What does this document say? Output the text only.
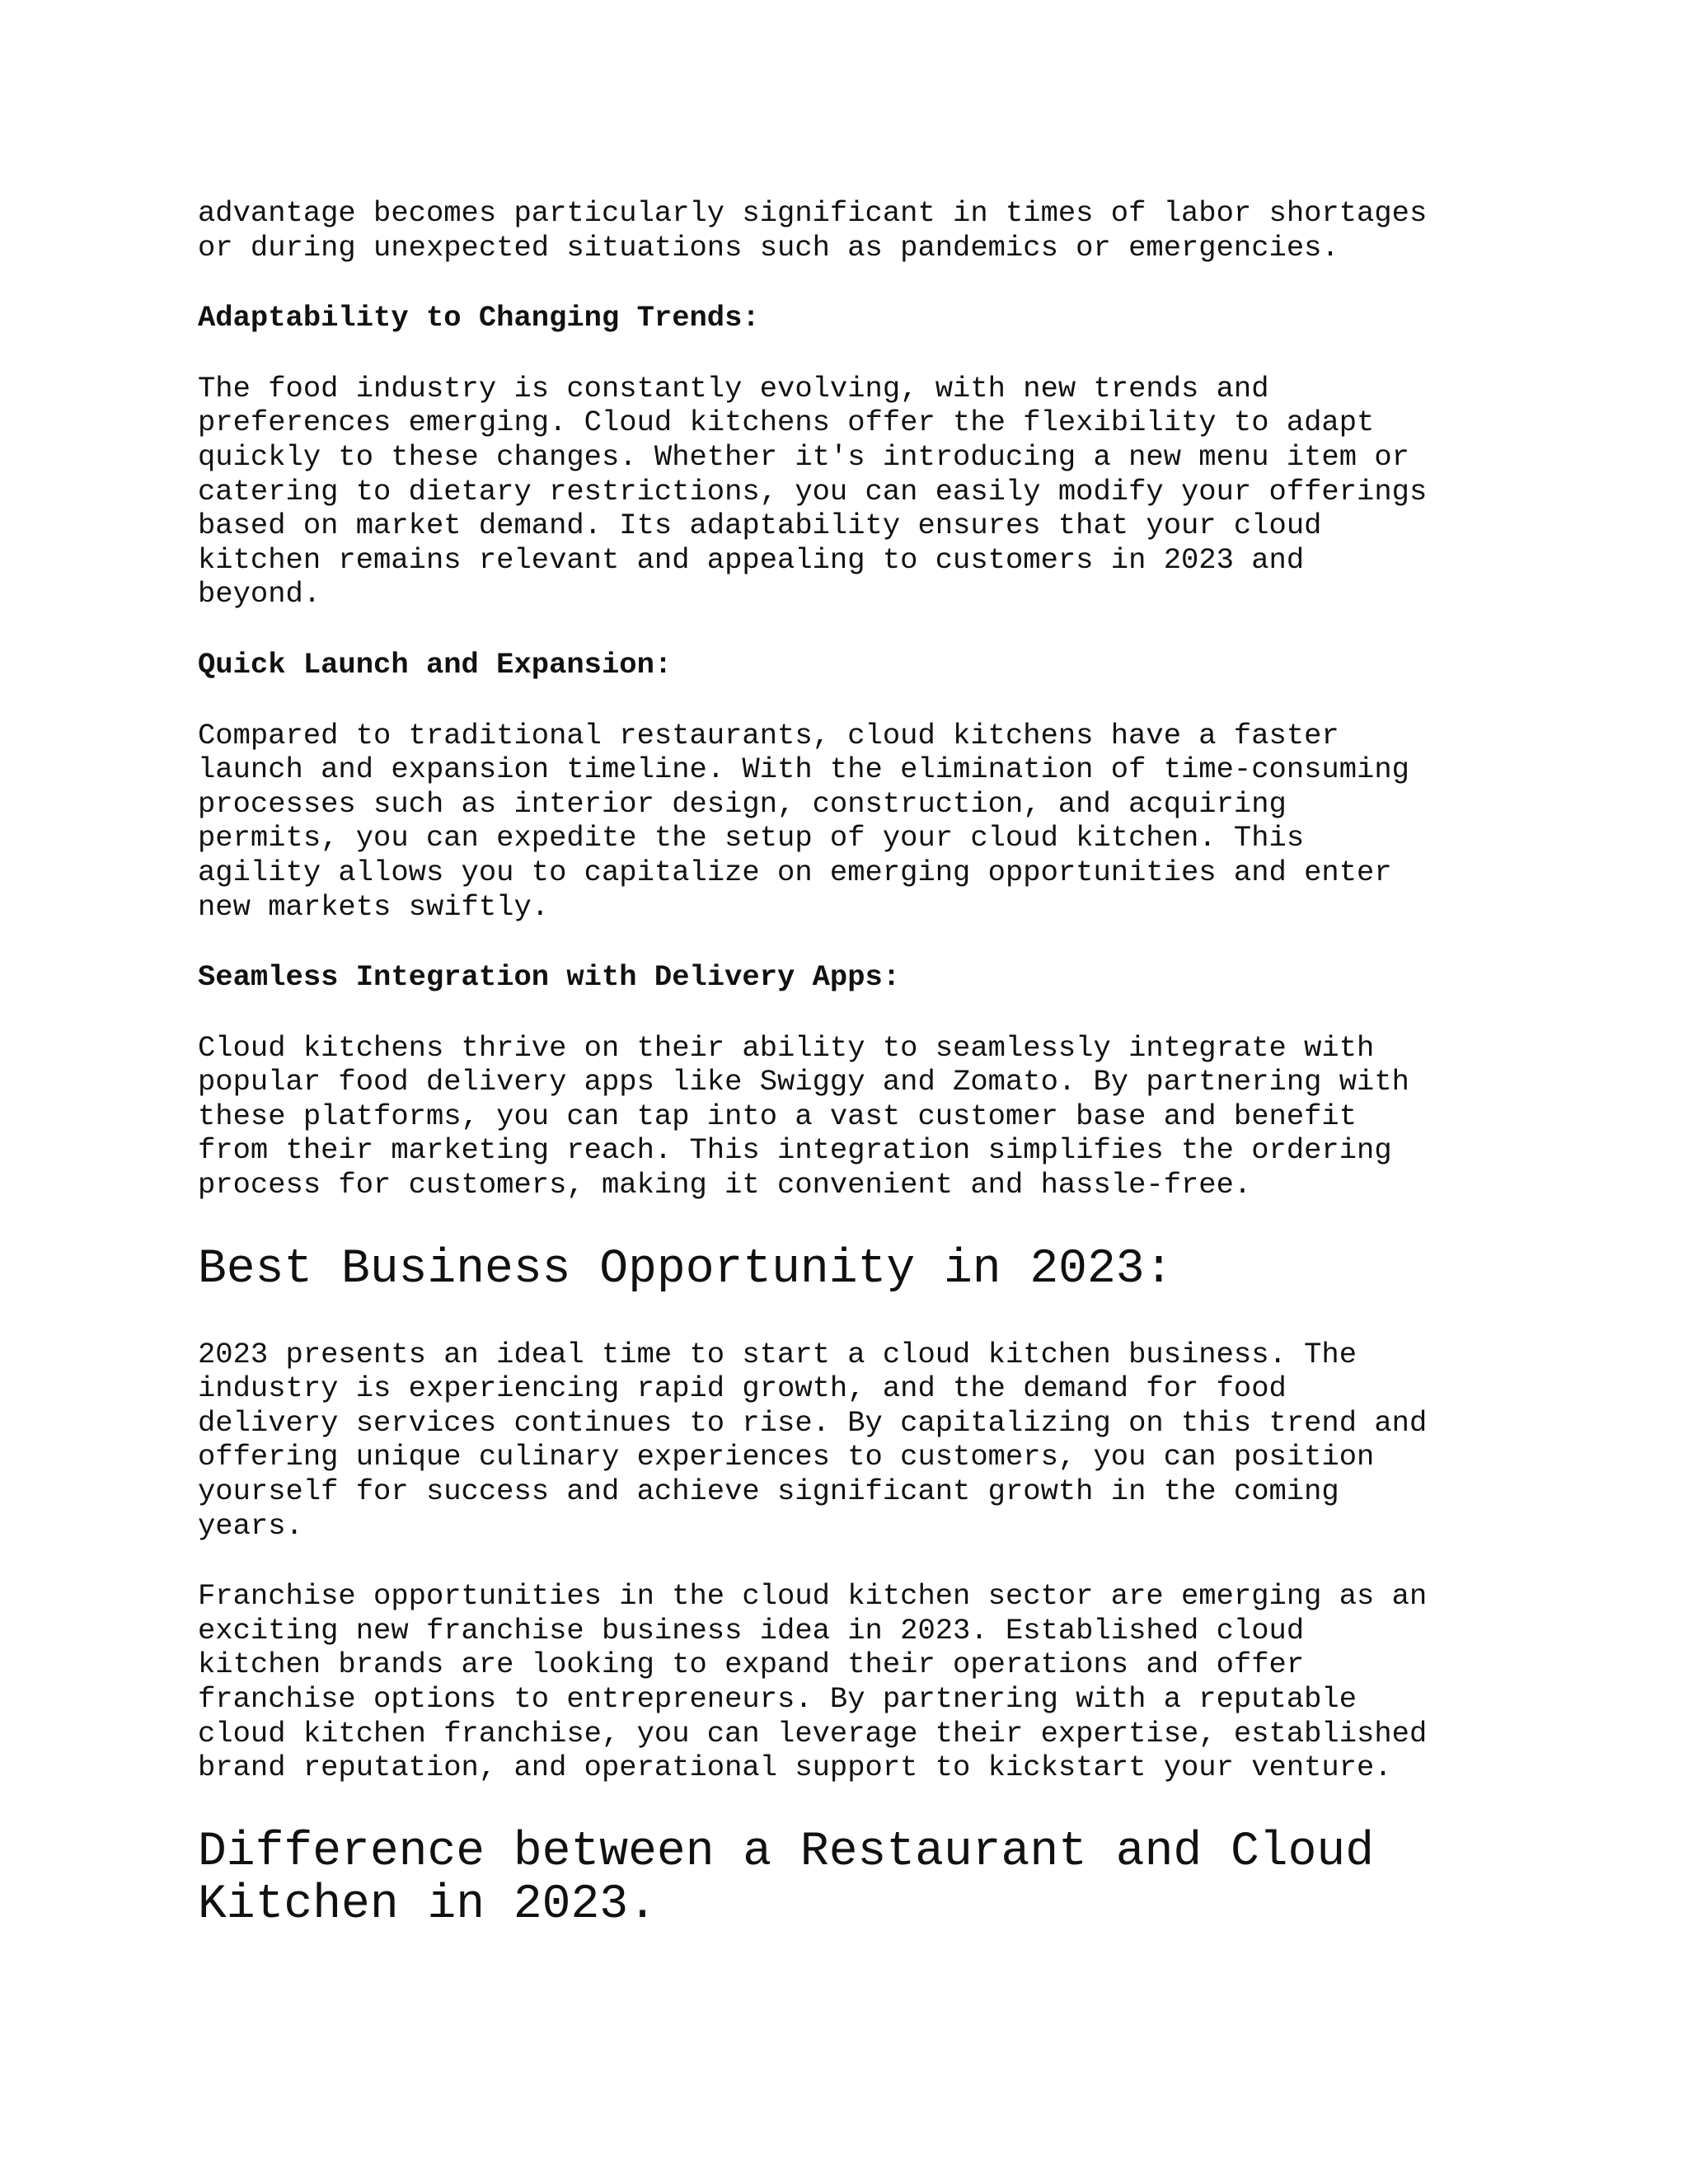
advantage becomes particularly significant in times of labor shortages
or during unexpected situations such as pandemics or emergencies.

Adaptability to Changing Trends:

The food industry is constantly evolving, with new trends and
preferences emerging. Cloud kitchens offer the flexibility to adapt
quickly to these changes. Whether it's introducing a new menu item or
catering to dietary restrictions, you can easily modify your offerings
based on market demand. Its adaptability ensures that your cloud
kitchen remains relevant and appealing to customers in 2023 and
beyond.

Quick Launch and Expansion:

Compared to traditional restaurants, cloud kitchens have a faster
launch and expansion timeline. With the elimination of time-consuming
processes such as interior design, construction, and acquiring
permits, you can expedite the setup of your cloud kitchen. This
agility allows you to capitalize on emerging opportunities and enter
new markets swiftly.

Seamless Integration with Delivery Apps:

Cloud kitchens thrive on their ability to seamlessly integrate with
popular food delivery apps like Swiggy and Zomato. By partnering with
these platforms, you can tap into a vast customer base and benefit
from their marketing reach. This integration simplifies the ordering
process for customers, making it convenient and hassle-free.

Best Business Opportunity in 2023:

2023 presents an ideal time to start a cloud kitchen business. The
industry is experiencing rapid growth, and the demand for food
delivery services continues to rise. By capitalizing on this trend and
offering unique culinary experiences to customers, you can position
yourself for success and achieve significant growth in the coming
years.

Franchise opportunities in the cloud kitchen sector are emerging as an
exciting new franchise business idea in 2023. Established cloud
kitchen brands are looking to expand their operations and offer
franchise options to entrepreneurs. By partnering with a reputable
cloud kitchen franchise, you can leverage their expertise, established
brand reputation, and operational support to kickstart your venture.

Difference between a Restaurant and Cloud
Kitchen in 2023.
